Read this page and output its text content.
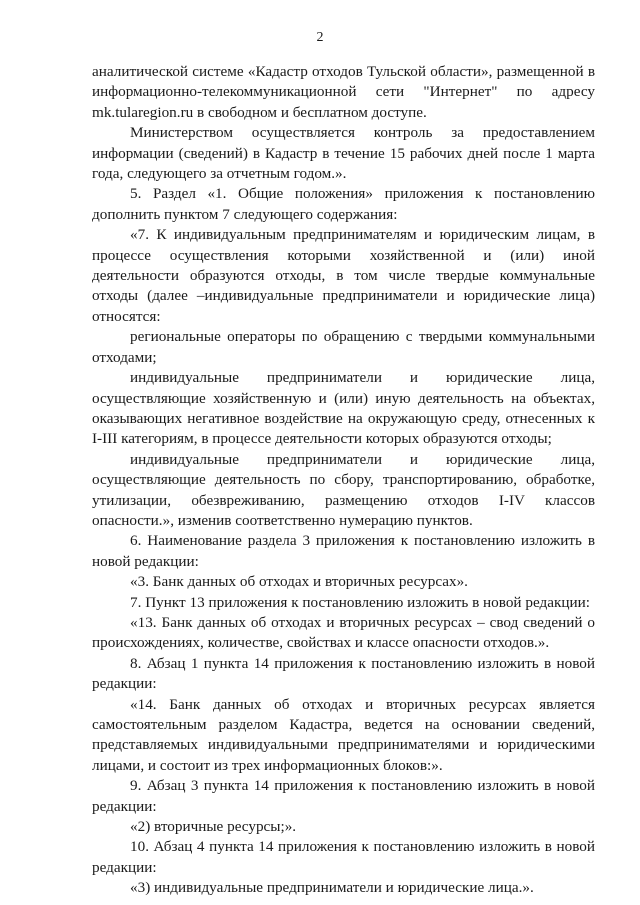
2

аналитической системе «Кадастр отходов Тульской области», размещенной в информационно-телекоммуникационной сети "Интернет" по адресу mk.tularegion.ru в свободном и бесплатном доступе.

Министерством осуществляется контроль за предоставлением информации (сведений) в Кадастр в течение 15 рабочих дней после 1 марта года, следующего за отчетным годом.».

5. Раздел «1. Общие положения» приложения к постановлению дополнить пунктом 7 следующего содержания:

«7. К индивидуальным предпринимателям и юридическим лицам, в процессе осуществления которыми хозяйственной и (или) иной деятельности образуются отходы, в том числе твердые коммунальные отходы (далее –индивидуальные предприниматели и юридические лица) относятся:

региональные операторы по обращению с твердыми коммунальными отходами;

индивидуальные предприниматели и юридические лица, осуществляющие хозяйственную и (или) иную деятельность на объектах, оказывающих негативное воздействие на окружающую среду, отнесенных к I-III категориям, в процессе деятельности которых образуются отходы;

индивидуальные предприниматели и юридические лица, осуществляющие деятельность по сбору, транспортированию, обработке, утилизации, обезвреживанию, размещению отходов I-IV классов опасности.», изменив соответственно нумерацию пунктов.

6. Наименование раздела 3 приложения к постановлению изложить в новой редакции:

«3. Банк данных об отходах и вторичных ресурсах».

7. Пункт 13 приложения к постановлению изложить в новой редакции:

«13. Банк данных об отходах и вторичных ресурсах – свод сведений о происхождениях, количестве, свойствах и классе опасности отходов.».

8. Абзац 1 пункта 14 приложения к постановлению изложить в новой редакции:

«14. Банк данных об отходах и вторичных ресурсах является самостоятельным разделом Кадастра, ведется на основании сведений, представляемых индивидуальными предпринимателями и юридическими лицами, и состоит из трех информационных блоков:».

9. Абзац 3 пункта 14 приложения к постановлению изложить в новой редакции:

«2) вторичные ресурсы;».

10. Абзац 4 пункта 14 приложения к постановлению изложить в новой редакции:

«3) индивидуальные предприниматели и юридические лица.».
